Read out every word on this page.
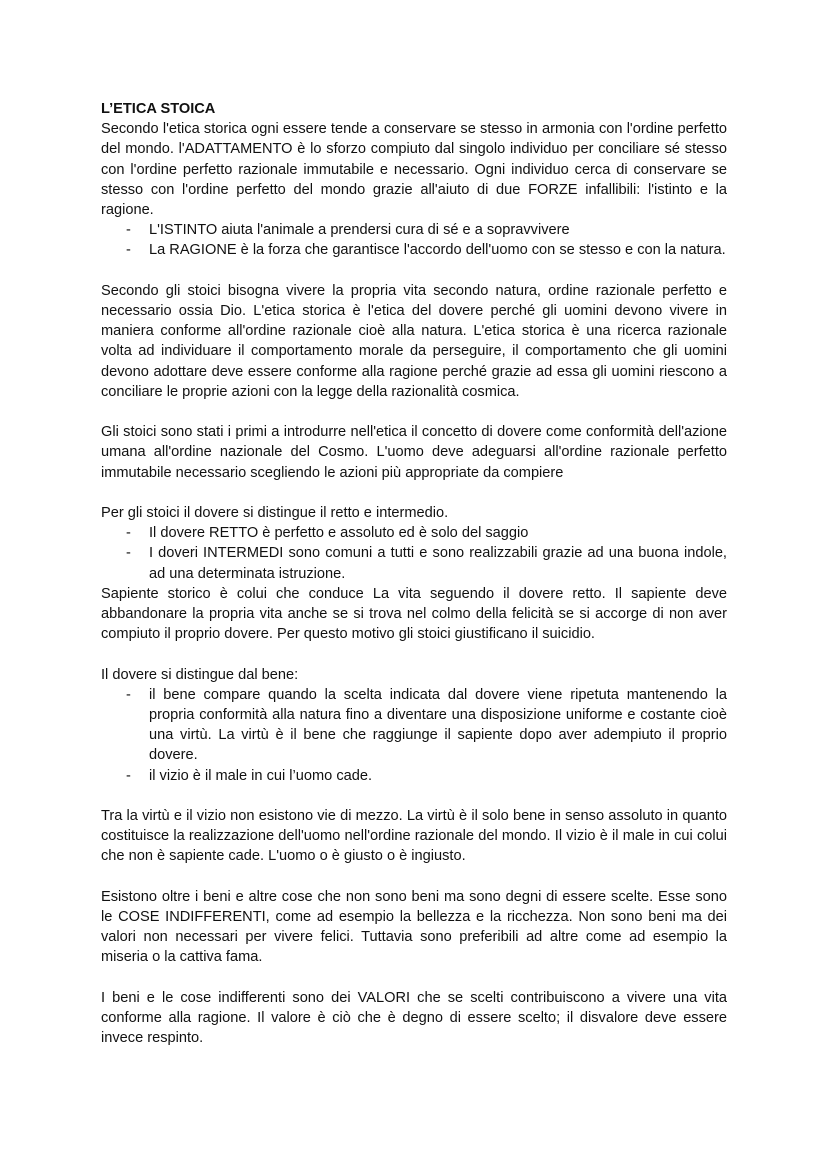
L’ETICA STOICA

Secondo l'etica storica ogni essere tende a conservare se stesso in armonia con l'ordine perfetto del mondo. l'ADATTAMENTO è lo sforzo compiuto dal singolo individuo per conciliare sé stesso con l'ordine perfetto razionale immutabile e necessario. Ogni individuo cerca di conservare se stesso con l'ordine perfetto del mondo grazie all'aiuto di due FORZE infallibili: l'istinto e la ragione.

- L'ISTINTO aiuta l'animale a prendersi cura di sé e a sopravvivere
- La RAGIONE è la forza che garantisce l'accordo dell'uomo con se stesso e con la natura.

Secondo gli stoici bisogna vivere la propria vita secondo natura, ordine razionale perfetto e necessario ossia Dio. L'etica storica è l'etica del dovere perché gli uomini devono vivere in maniera conforme all'ordine razionale cioè alla natura. L'etica storica è una ricerca razionale volta ad individuare il comportamento morale da perseguire, il comportamento che gli uomini devono adottare deve essere conforme alla ragione perché grazie ad essa gli uomini riescono a conciliare le proprie azioni con la legge della razionalità cosmica.

Gli stoici sono stati i primi a introdurre nell'etica il concetto di dovere come conformità dell'azione umana all'ordine nazionale del Cosmo. L'uomo deve adeguarsi all'ordine razionale perfetto immutabile necessario scegliendo le azioni più appropriate da compiere

Per gli stoici il dovere si distingue il retto e intermedio.

- Il dovere RETTO è perfetto e assoluto ed è solo del saggio
- I doveri INTERMEDI sono comuni a tutti e sono realizzabili grazie ad una buona indole, ad una determinata istruzione.

Sapiente storico è colui che conduce La vita seguendo il dovere retto. Il sapiente deve abbandonare la propria vita anche se si trova nel colmo della felicità se si accorge di non aver compiuto il proprio dovere. Per questo motivo gli stoici giustificano il suicidio.

Il dovere si distingue dal bene:

- il bene compare quando la scelta indicata dal dovere viene ripetuta mantenendo la propria conformità alla natura fino a diventare una disposizione uniforme e costante cioè una virtù. La virtù è il bene che raggiunge il sapiente dopo aver adempiuto il proprio dovere.
- il vizio è il male in cui l’uomo cade.

Tra la virtù e il vizio non esistono vie di mezzo. La virtù è il solo bene in senso assoluto in quanto costituisce la realizzazione dell'uomo nell'ordine razionale del mondo. Il vizio è il male in cui colui che non è sapiente cade. L'uomo o è giusto o è ingiusto.

Esistono oltre i beni e altre cose che non sono beni ma sono degni di essere scelte. Esse sono le COSE INDIFFERENTI, come ad esempio la bellezza e la ricchezza. Non sono beni ma dei valori non necessari per vivere felici. Tuttavia sono preferibili ad altre come ad esempio la miseria o la cattiva fama.

I beni e le cose indifferenti sono dei VALORI che se scelti contribuiscono a vivere una vita conforme alla ragione. Il valore è ciò che è degno di essere scelto; il disvalore deve essere invece respinto.
